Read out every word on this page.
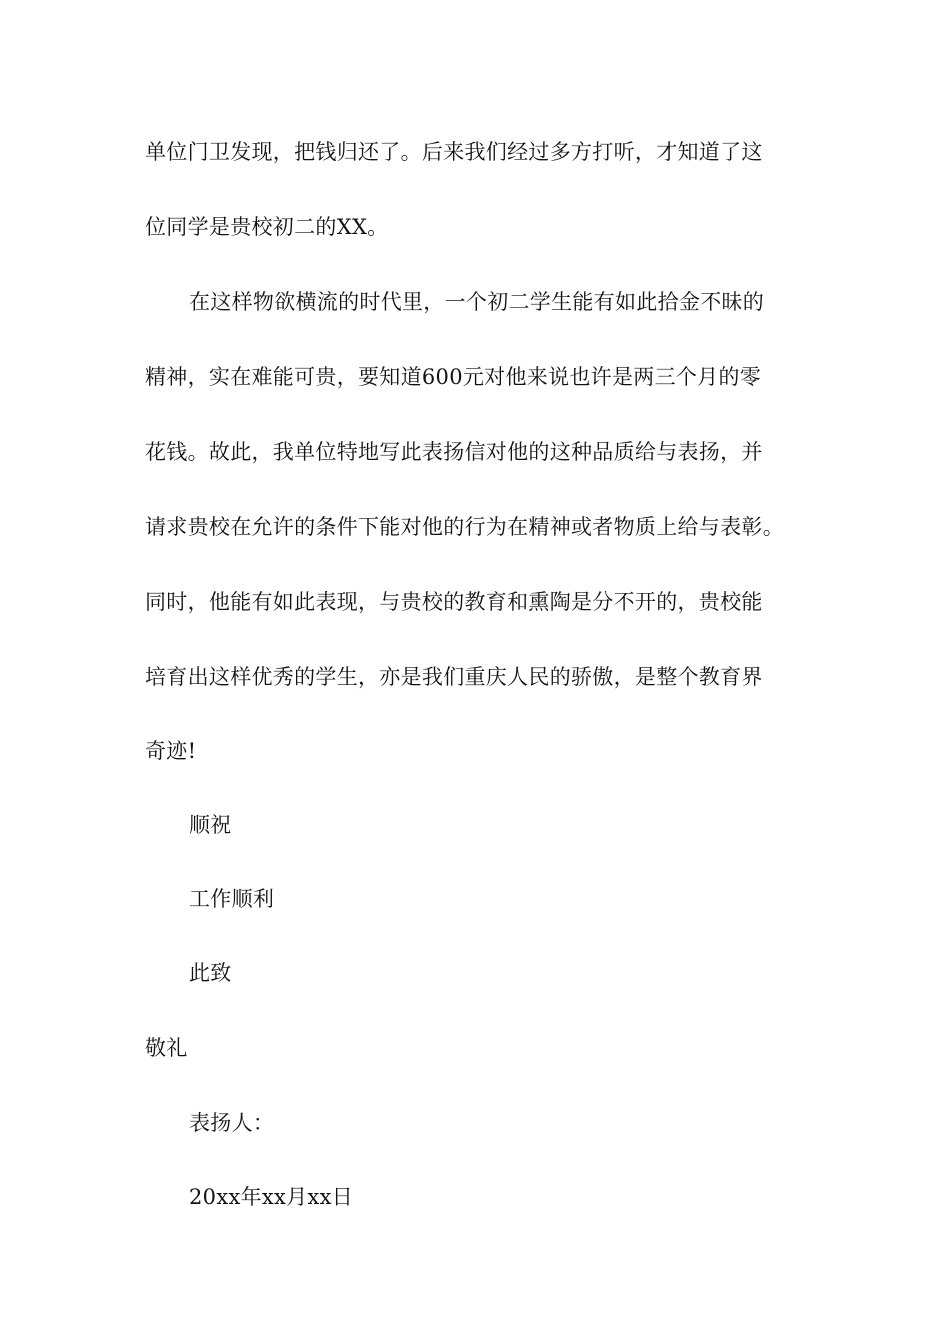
单位门卫发现，把钱归还了。后来我们经过多方打听，才知道了这
位同学是贵校初二的XX。
在这样物欲横流的时代里，一个初二学生能有如此拾金不昧的
精神，实在难能可贵，要知道600元对他来说也许是两三个月的零
花钱。故此，我单位特地写此表扬信对他的这种品质给与表扬，并
请求贵校在允许的条件下能对他的行为在精神或者物质上给与表彰。
同时，他能有如此表现，与贵校的教育和熏陶是分不开的，贵校能
培育出这样优秀的学生，亦是我们重庆人民的骄傲，是整个教育界
奇迹!
顺祝
工作顺利
此致
敬礼
表扬人：
20xx年xx月xx日
